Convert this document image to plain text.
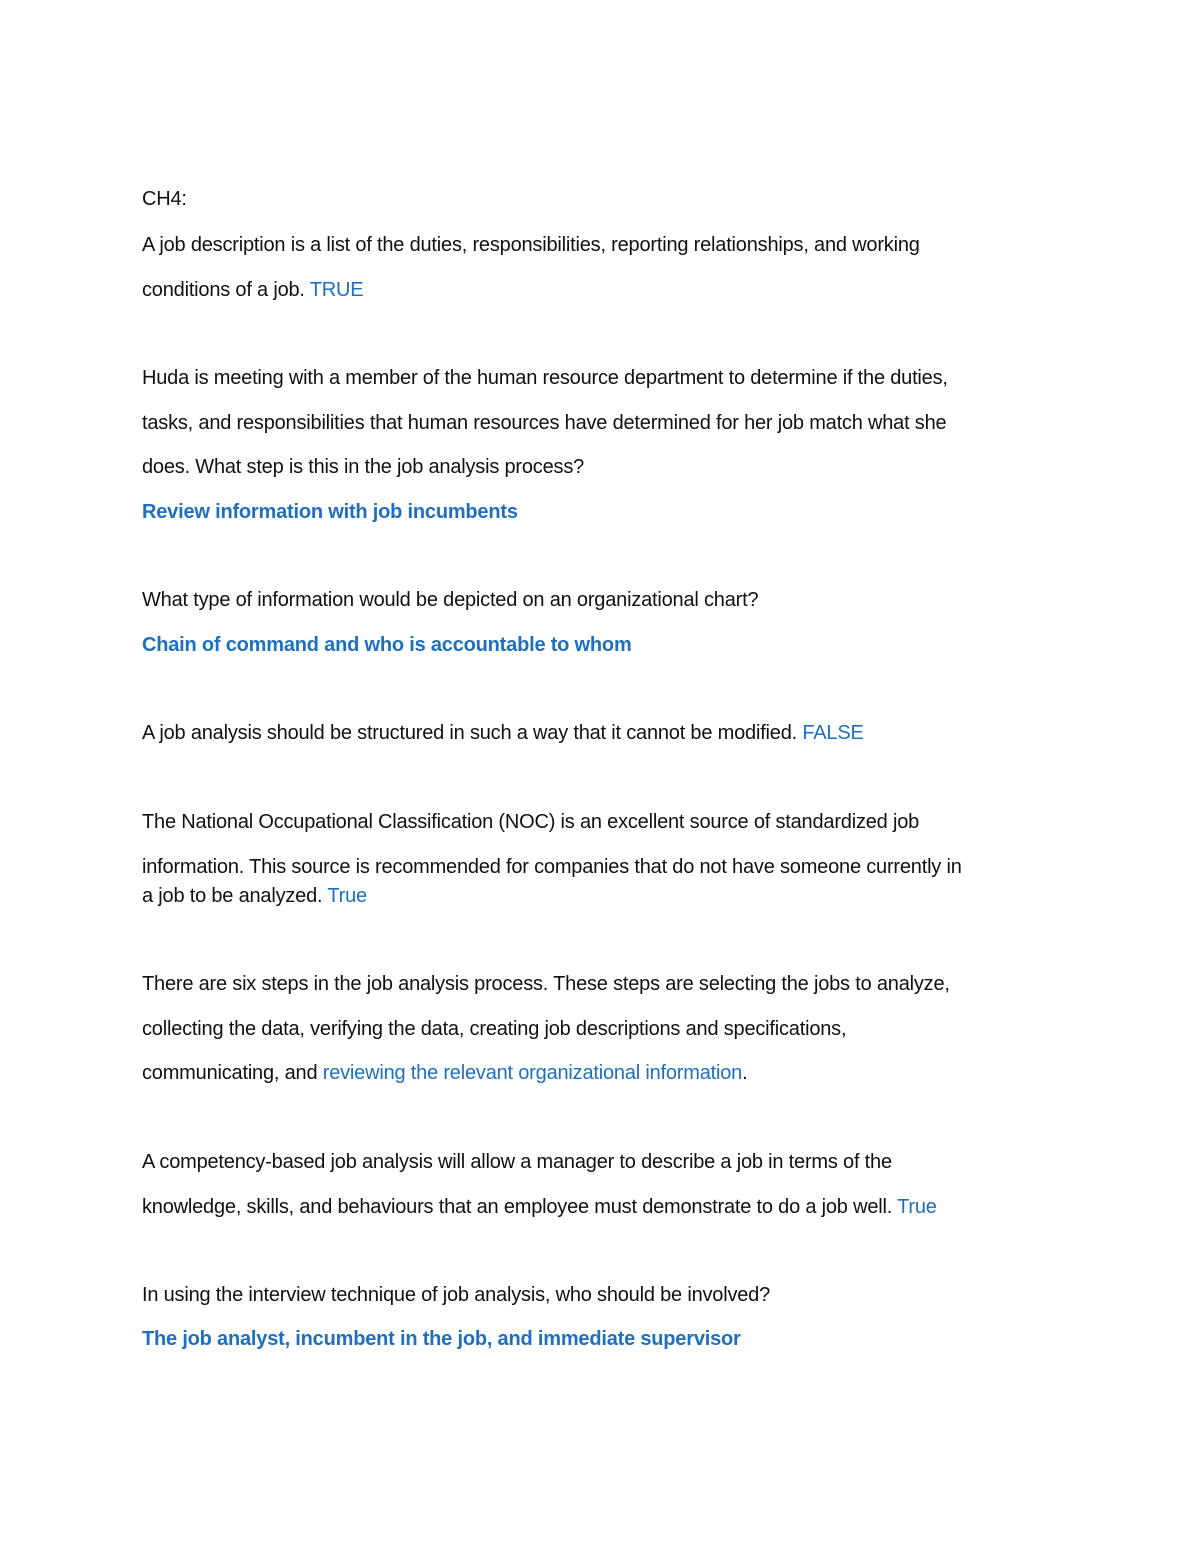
CH4:
A job description is a list of the duties, responsibilities, reporting relationships, and working
conditions of a job. TRUE
Huda is meeting with a member of the human resource department to determine if the duties,
tasks, and responsibilities that human resources have determined for her job match what she
does. What step is this in the job analysis process?
Review information with job incumbents
What type of information would be depicted on an organizational chart?
Chain of command and who is accountable to whom
A job analysis should be structured in such a way that it cannot be modified. FALSE
The National Occupational Classification (NOC) is an excellent source of standardized job
information. This source is recommended for companies that do not have someone currently in
a job to be analyzed. True
There are six steps in the job analysis process. These steps are selecting the jobs to analyze,
collecting the data, verifying the data, creating job descriptions and specifications,
communicating, and reviewing the relevant organizational information.
A competency-based job analysis will allow a manager to describe a job in terms of the
knowledge, skills, and behaviours that an employee must demonstrate to do a job well. True
In using the interview technique of job analysis, who should be involved?
The job analyst, incumbent in the job, and immediate supervisor
